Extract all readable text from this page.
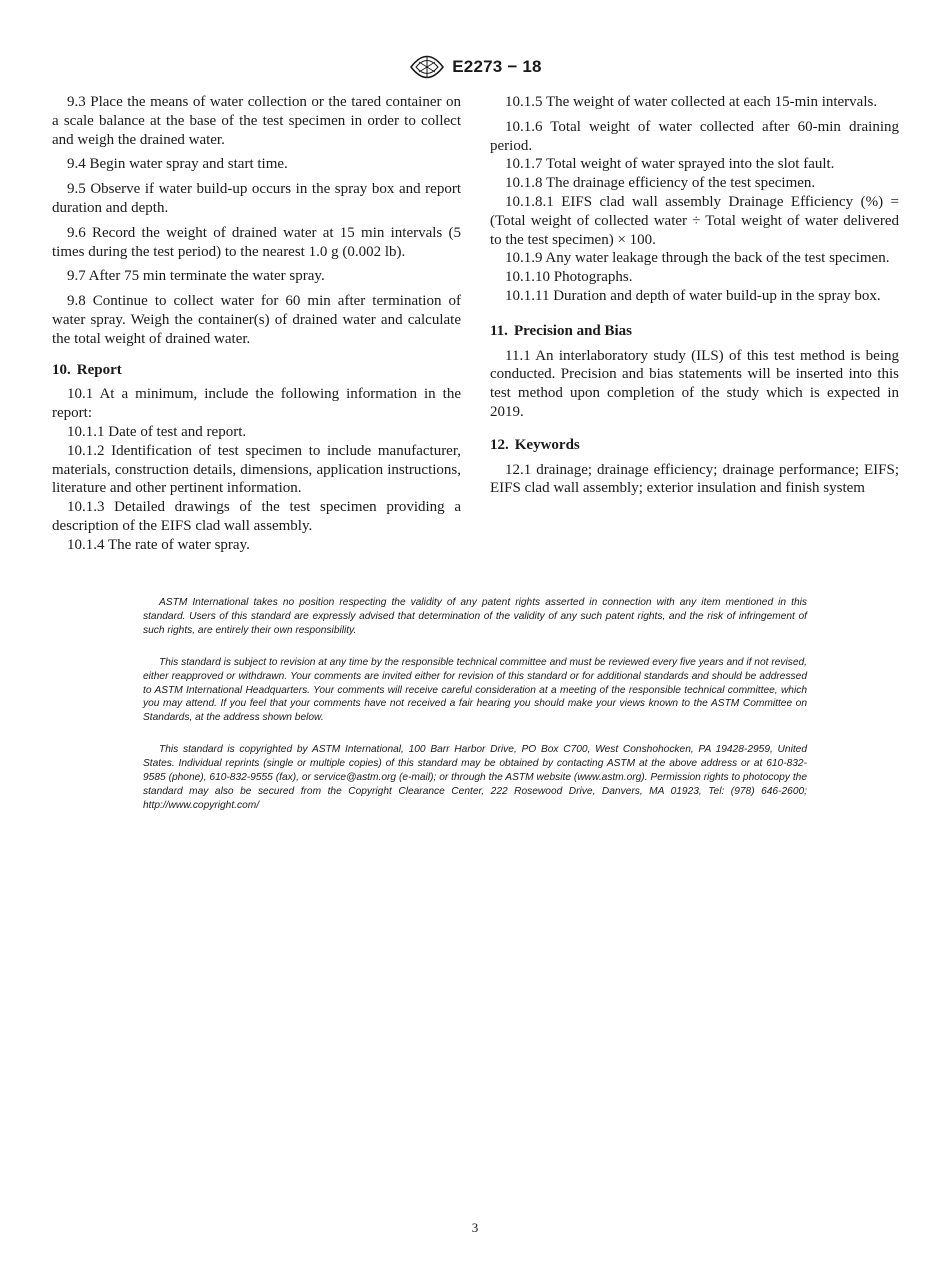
E2273 − 18

9.3 Place the means of water collection or the tared container on a scale balance at the base of the test specimen in order to collect and weigh the drained water.

9.4 Begin water spray and start time.

9.5 Observe if water build-up occurs in the spray box and report duration and depth.

9.6 Record the weight of drained water at 15 min intervals (5 times during the test period) to the nearest 1.0 g (0.002 lb).

9.7 After 75 min terminate the water spray.

9.8 Continue to collect water for 60 min after termination of water spray. Weigh the container(s) of drained water and calculate the total weight of drained water.

10. Report

10.1 At a minimum, include the following information in the report:

10.1.1 Date of test and report.

10.1.2 Identification of test specimen to include manufacturer, materials, construction details, dimensions, application instructions, literature and other pertinent information.

10.1.3 Detailed drawings of the test specimen providing a description of the EIFS clad wall assembly.

10.1.4 The rate of water spray.

10.1.5 The weight of water collected at each 15-min intervals.

10.1.6 Total weight of water collected after 60-min draining period.

10.1.7 Total weight of water sprayed into the slot fault.

10.1.8 The drainage efficiency of the test specimen.

10.1.8.1 EIFS clad wall assembly Drainage Efficiency (%) = (Total weight of collected water ÷ Total weight of water delivered to the test specimen) × 100.

10.1.9 Any water leakage through the back of the test specimen.

10.1.10 Photographs.

10.1.11 Duration and depth of water build-up in the spray box.

11. Precision and Bias

11.1 An interlaboratory study (ILS) of this test method is being conducted. Precision and bias statements will be inserted into this test method upon completion of the study which is expected in 2019.

12. Keywords

12.1 drainage; drainage efficiency; drainage performance; EIFS; EIFS clad wall assembly; exterior insulation and finish system

ASTM International takes no position respecting the validity of any patent rights asserted in connection with any item mentioned in this standard. Users of this standard are expressly advised that determination of the validity of any such patent rights, and the risk of infringement of such rights, are entirely their own responsibility.

This standard is subject to revision at any time by the responsible technical committee and must be reviewed every five years and if not revised, either reapproved or withdrawn. Your comments are invited either for revision of this standard or for additional standards and should be addressed to ASTM International Headquarters. Your comments will receive careful consideration at a meeting of the responsible technical committee, which you may attend. If you feel that your comments have not received a fair hearing you should make your views known to the ASTM Committee on Standards, at the address shown below.

This standard is copyrighted by ASTM International, 100 Barr Harbor Drive, PO Box C700, West Conshohocken, PA 19428-2959, United States. Individual reprints (single or multiple copies) of this standard may be obtained by contacting ASTM at the above address or at 610-832-9585 (phone), 610-832-9555 (fax), or service@astm.org (e-mail); or through the ASTM website (www.astm.org). Permission rights to photocopy the standard may also be secured from the Copyright Clearance Center, 222 Rosewood Drive, Danvers, MA 01923, Tel: (978) 646-2600; http://www.copyright.com/

3
